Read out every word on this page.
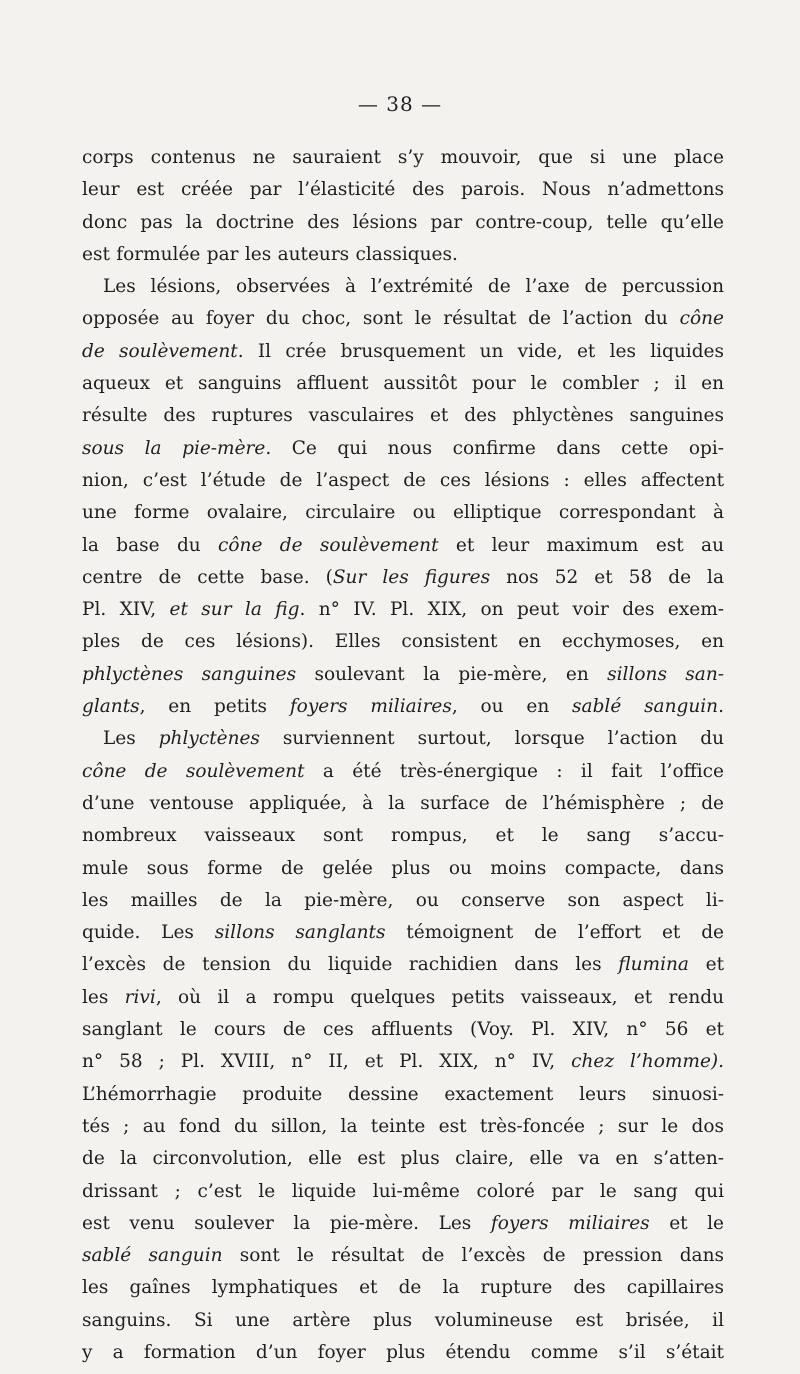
— 38 —
corps contenus ne sauraient s’y mouvoir, que si une place
leur est créée par l’élasticité des parois. Nous n’admettons
donc pas la doctrine des lésions par contre-coup, telle qu’elle
est formulée par les auteurs classiques.
Les lésions, observées à l’extrémité de l’axe de percussion
opposée au foyer du choc, sont le résultat de l’action du cône
de soulèvement. Il crée brusquement un vide, et les liquides
aqueux et sanguins affluent aussitôt pour le combler ; il en
résulte des ruptures vasculaires et des phlyctènes sanguines
sous la pie-mère. Ce qui nous confirme dans cette opi-
nion, c’est l’étude de l’aspect de ces lésions : elles affectent
une forme ovalaire, circulaire ou elliptique correspondant à
la base du cône de soulèvement et leur maximum est au
centre de cette base. (Sur les figures nos 52 et 58 de la
Pl. XIV, et sur la fig. n° IV. Pl. XIX, on peut voir des exem-
ples de ces lésions). Elles consistent en ecchymoses, en
phlyctènes sanguines soulevant la pie-mère, en sillons san-
glants, en petits foyers miliaires, ou en sablé sanguin.
Les phlyctènes surviennent surtout, lorsque l’action du
cône de soulèvement a été très-énergique : il fait l’office
d’une ventouse appliquée, à la surface de l’hémisphère ; de
nombreux vaisseaux sont rompus, et le sang s’accu-
mule sous forme de gelée plus ou moins compacte, dans
les mailles de la pie-mère, ou conserve son aspect li-
quide. Les sillons sanglants témoignent de l’effort et de
l’excès de tension du liquide rachidien dans les flumina et
les rivi, où il a rompu quelques petits vaisseaux, et rendu
sanglant le cours de ces affluents (Voy. Pl. XIV, n° 56 et
n° 58 ; Pl. XVIII, n° II, et Pl. XIX, n° IV, chez l’homme).
L’hémorrhagie produite dessine exactement leurs sinuosi-
tés ; au fond du sillon, la teinte est très-foncée ; sur le dos
de la circonvolution, elle est plus claire, elle va en s’atten-
drissant ; c’est le liquide lui-même coloré par le sang qui
est venu soulever la pie-mère. Les foyers miliaires et le
sablé sanguin sont le résultat de l’excès de pression dans
les gaînes lymphatiques et de la rupture des capillaires
sanguins. Si une artère plus volumineuse est brisée, il
y a formation d’un foyer plus étendu comme s’il s’était
